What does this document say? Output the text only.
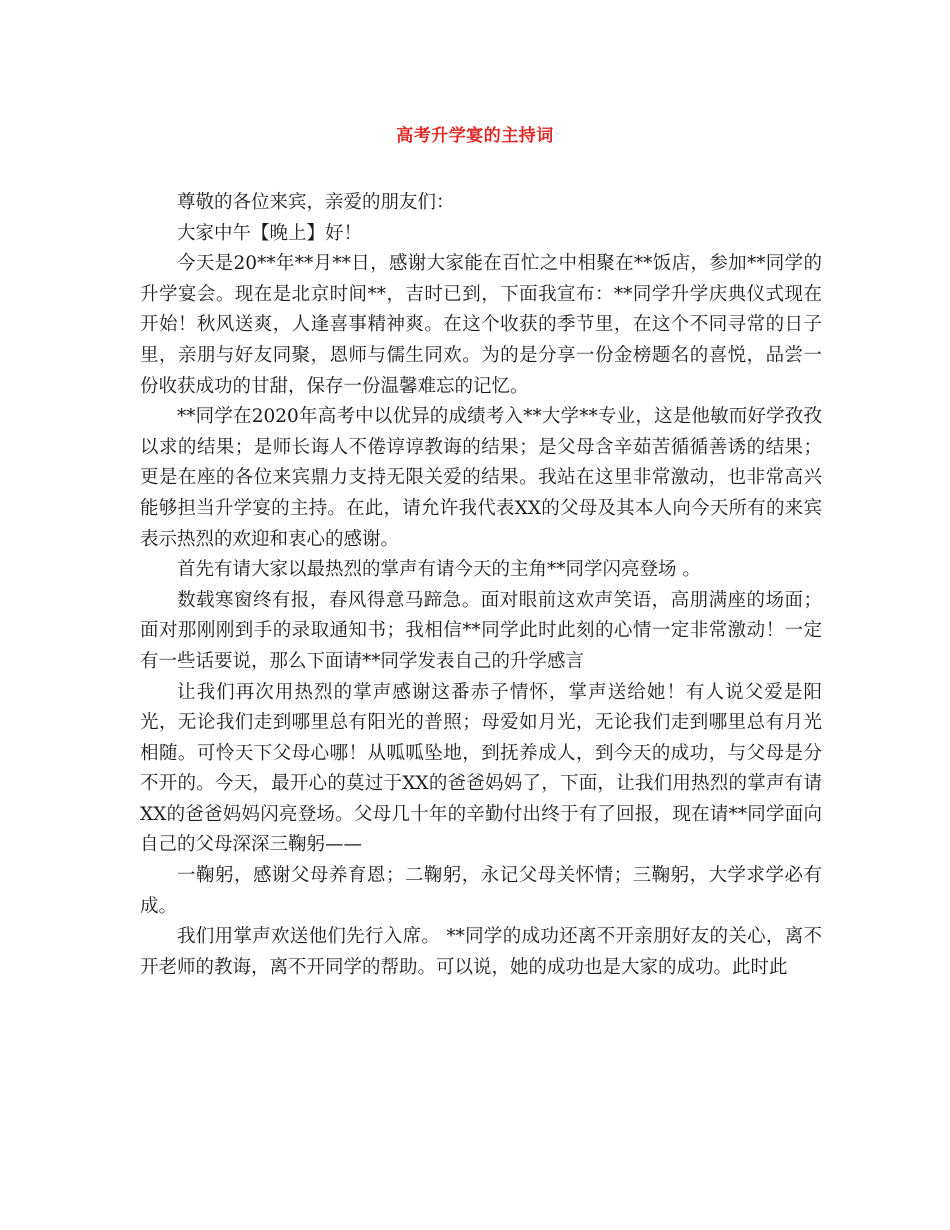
高考升学宴的主持词

尊敬的各位来宾，亲爱的朋友们：

大家中午【晚上】好！

今天是20**年**月**日，感谢大家能在百忙之中相聚在**饭店，参加**同学的升学宴会。现在是北京时间**，吉时已到，下面我宣布：**同学升学庆典仪式现在开始！秋风送爽，人逢喜事精神爽。在这个收获的季节里，在这个不同寻常的日子里，亲朋与好友同聚，恩师与儒生同欢。为的是分享一份金榜题名的喜悦，品尝一份收获成功的甘甜，保存一份温馨难忘的记忆。

**同学在2020年高考中以优异的成绩考入**大学**专业，这是他敏而好学孜孜以求的结果；是师长诲人不倦谆谆教诲的结果；是父母含辛茹苦循循善诱的结果；更是在座的各位来宾鼎力支持无限关爱的结果。我站在这里非常激动，也非常高兴能够担当升学宴的主持。在此，请允许我代表XX的父母及其本人向今天所有的来宾表示热烈的欢迎和衷心的感谢。

首先有请大家以最热烈的掌声有请今天的主角**同学闪亮登场 。

数载寒窗终有报，春风得意马蹄急。面对眼前这欢声笑语，高朋满座的场面；面对那刚刚到手的录取通知书；我相信**同学此时此刻的心情一定非常激动！一定有一些话要说，那么下面请**同学发表自己的升学感言

让我们再次用热烈的掌声感谢这番赤子情怀，掌声送给她！有人说父爱是阳光，无论我们走到哪里总有阳光的普照；母爱如月光，无论我们走到哪里总有月光相随。可怜天下父母心哪！从呱呱坠地，到抚养成人，到今天的成功，与父母是分不开的。今天，最开心的莫过于XX的爸爸妈妈了，下面，让我们用热烈的掌声有请XX的爸爸妈妈闪亮登场。父母几十年的辛勤付出终于有了回报，现在请**同学面向自己的父母深深三鞠躬——

一鞠躬，感谢父母养育恩；二鞠躬，永记父母关怀情；三鞠躬，大学求学必有成。

我们用掌声欢送他们先行入席。 **同学的成功还离不开亲朋好友的关心，离不开老师的教诲，离不开同学的帮助。可以说，她的成功也是大家的成功。此时此
